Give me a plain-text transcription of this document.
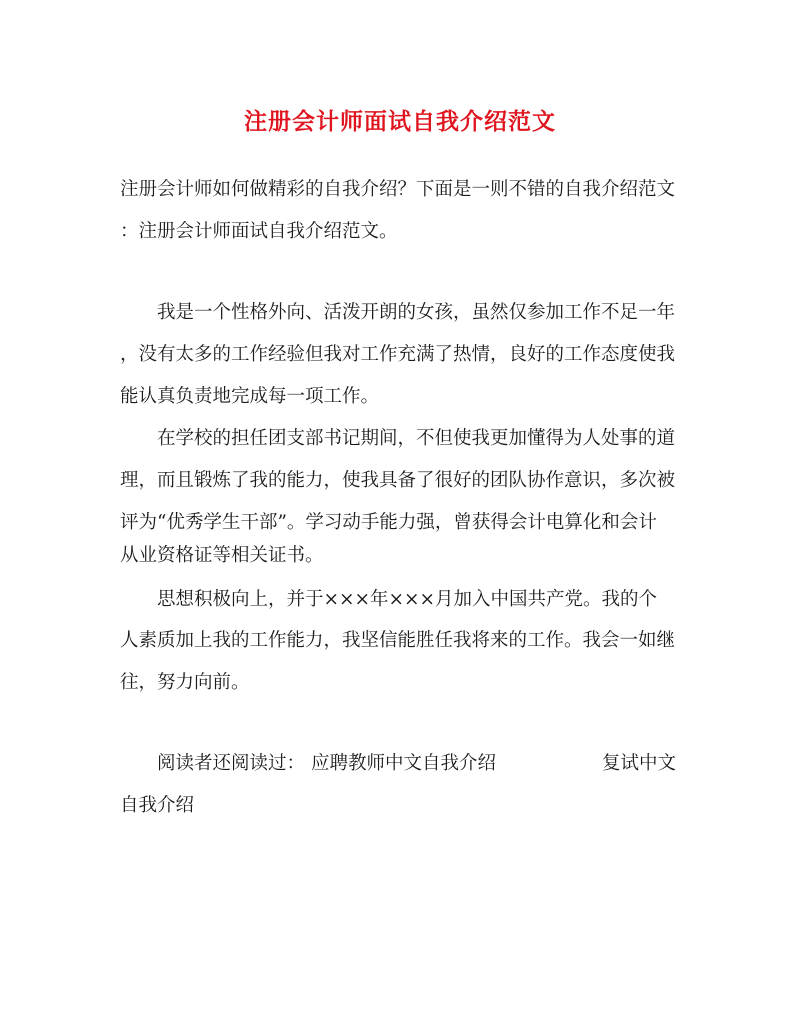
注册会计师面试自我介绍范文
注册会计师如何做精彩的自我介绍？下面是一则不错的自我介绍范文
：注册会计师面试自我介绍范文。
我是一个性格外向、活泼开朗的女孩，虽然仅参加工作不足一年
，没有太多的工作经验但我对工作充满了热情，良好的工作态度使我
能认真负责地完成每一项工作。
在学校的担任团支部书记期间，不但使我更加懂得为人处事的道
理，而且锻炼了我的能力，使我具备了很好的团队协作意识，多次被
评为“优秀学生干部”。学习动手能力强，曾获得会计电算化和会计
从业资格证等相关证书。
思想积极向上，并于×××年×××月加入中国共产党。我的个
人素质加上我的工作能力，我坚信能胜任我将来的工作。我会一如继
往，努力向前。
阅读者还阅读过： 应聘教师中文自我介绍	复试中文
自我介绍
